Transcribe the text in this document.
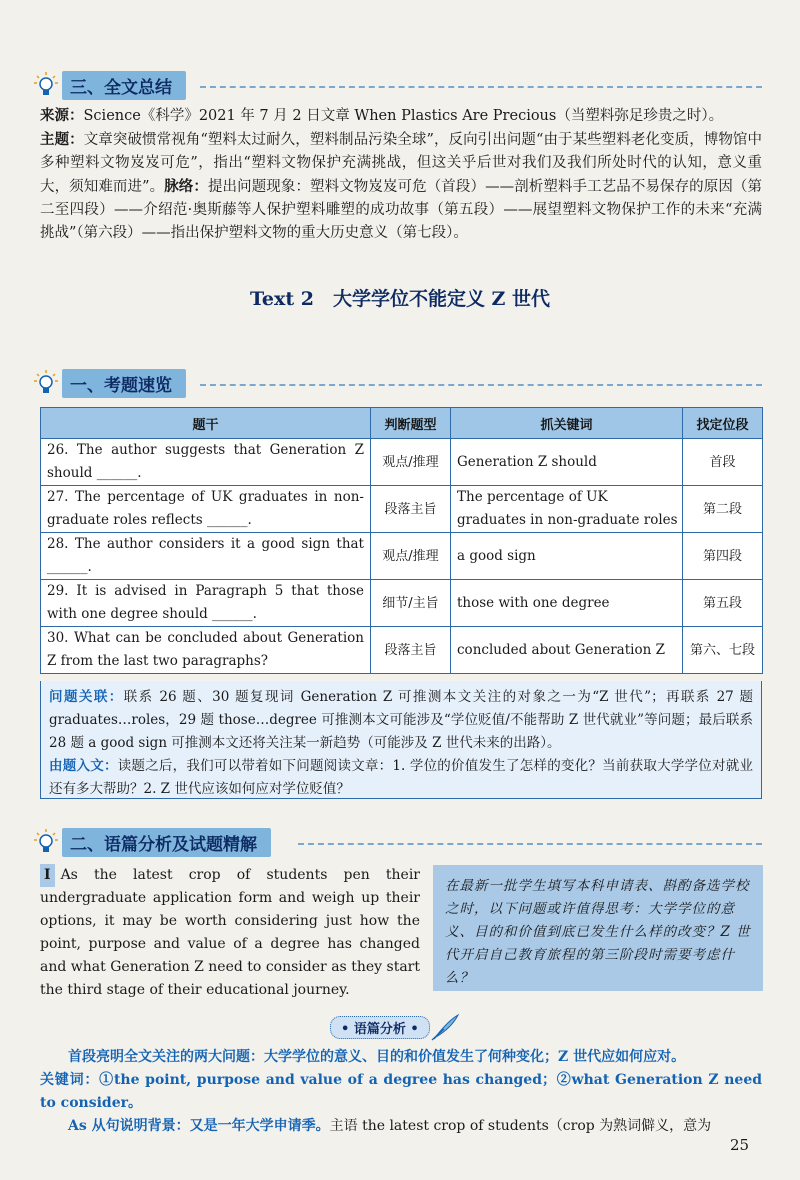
三、全文总结
来源：Science《科学》2021 年 7 月 2 日文章 When Plastics Are Precious（当塑料弥足珍贵之时）。
主题：文章突破惯常视角“塑料太过耐久，塑料制品污染全球”，反向引出问题“由于某些塑料老化变质，博物馆中多种塑料文物岌岌可危”，指出“塑料文物保护充满挑战，但这关乎后世对我们及我们所处时代的认知，意义重大，须知难而进”。脉络：提出问题现象：塑料文物岌岌可危（首段）——剖析塑料手工艺品不易保存的原因（第二至四段）——介绍范·奥斯藤等人保护塑料雕塑的成功故事（第五段）——展望塑料文物保护工作的未来“充满挑战”（第六段）——指出保护塑料文物的重大历史意义（第七段）。
Text 2　大学学位不能定义 Z 世代
一、考题速览
题干	判断题型	抓关键词	找定位段
26. The author suggests that Generation Z should ______.	观点/推理	Generation Z should	首段
27. The percentage of UK graduates in non-graduate roles reflects ______.	段落主旨	The percentage of UK graduates in non-graduate roles	第二段
28. The author considers it a good sign that ______.	观点/推理	a good sign	第四段
29. It is advised in Paragraph 5 that those with one degree should ______.	细节/主旨	those with one degree	第五段
30. What can be concluded about Generation Z from the last two paragraphs?	段落主旨	concluded about Generation Z	第六、七段
问题关联：联系 26 题、30 题复现词 Generation Z 可推测本文关注的对象之一为“Z 世代”；再联系 27 题 graduates…roles，29 题 those…degree 可推测本文可能涉及“学位贬值/不能帮助 Z 世代就业”等问题；最后联系 28 题 a good sign 可推测本文还将关注某一新趋势（可能涉及 Z 世代未来的出路）。
由题入文：读题之后，我们可以带着如下问题阅读文章：1. 学位的价值发生了怎样的变化？当前获取大学学位对就业还有多大帮助？2. Z 世代应该如何应对学位贬值？
二、语篇分析及试题精解
I As the latest crop of students pen their undergraduate application form and weigh up their options, it may be worth considering just how the point, purpose and value of a degree has changed and what Generation Z need to consider as they start the third stage of their educational journey.
在最新一批学生填写本科申请表、斟酌备选学校之时，以下问题或许值得思考：大学学位的意义、目的和价值到底已发生什么样的改变？Z 世代开启自己教育旅程的第三阶段时需要考虑什么？
• 语篇分析 •
首段亮明全文关注的两大问题：大学学位的意义、目的和价值发生了何种变化；Z 世代应如何应对。
关键词：①the point, purpose and value of a degree has changed；②what Generation Z need to consider。
As 从句说明背景：又是一年大学申请季。主语 the latest crop of students（crop 为熟词僻义，意为
25
